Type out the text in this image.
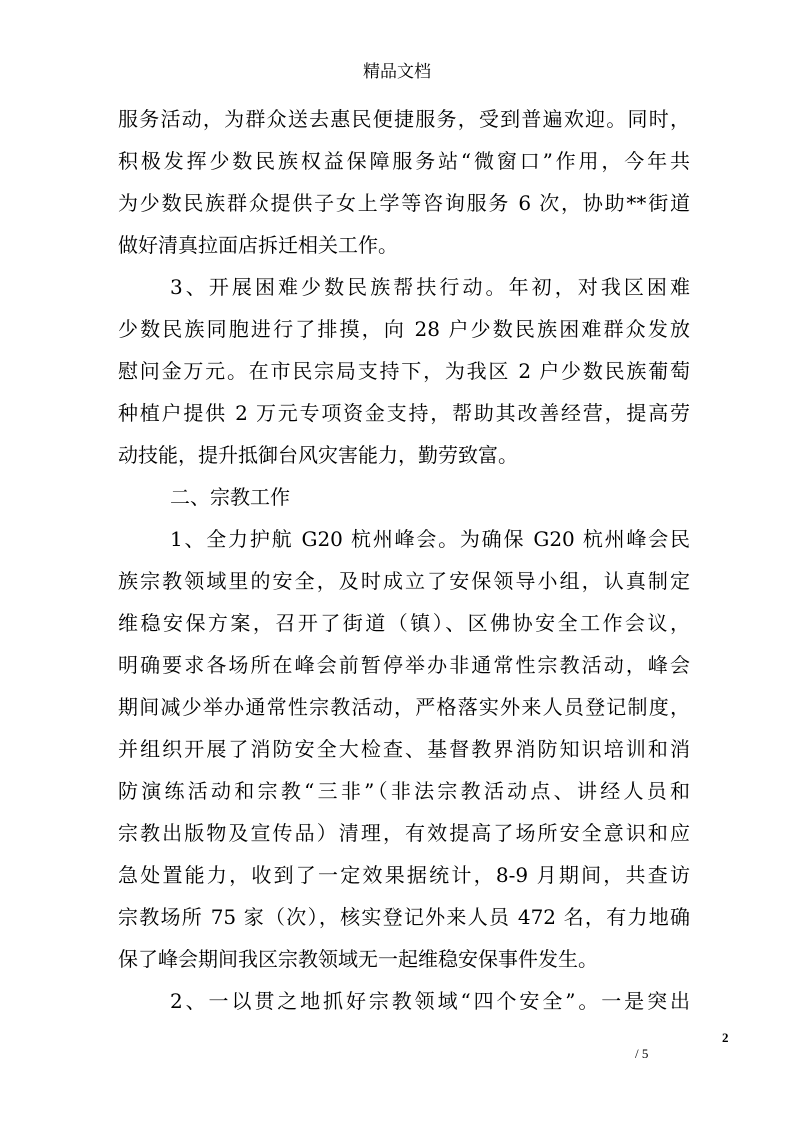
精品文档
服务活动，为群众送去惠民便捷服务，受到普遍欢迎。同时，
积极发挥少数民族权益保障服务站“微窗口”作用，今年共
为少数民族群众提供子女上学等咨询服务 6 次，协助**街道
做好清真拉面店拆迁相关工作。
3、开展困难少数民族帮扶行动。年初，对我区困难
少数民族同胞进行了排摸，向 28 户少数民族困难群众发放
慰问金万元。在市民宗局支持下，为我区 2 户少数民族葡萄
种植户提供 2 万元专项资金支持，帮助其改善经营，提高劳
动技能，提升抵御台风灾害能力，勤劳致富。
二、宗教工作
1、全力护航 G20 杭州峰会。为确保 G20 杭州峰会民
族宗教领域里的安全，及时成立了安保领导小组，认真制定
维稳安保方案，召开了街道（镇）、区佛协安全工作会议，
明确要求各场所在峰会前暂停举办非通常性宗教活动，峰会
期间减少举办通常性宗教活动，严格落实外来人员登记制度，
并组织开展了消防安全大检查、基督教界消防知识培训和消
防演练活动和宗教“三非”（非法宗教活动点、讲经人员和
宗教出版物及宣传品）清理，有效提高了场所安全意识和应
急处置能力，收到了一定效果据统计，8-9 月期间，共查访
宗教场所 75 家（次），核实登记外来人员 472 名，有力地确
保了峰会期间我区宗教领域无一起维稳安保事件发生。
2、一以贯之地抓好宗教领域“四个安全”。一是突出
2
/ 5
